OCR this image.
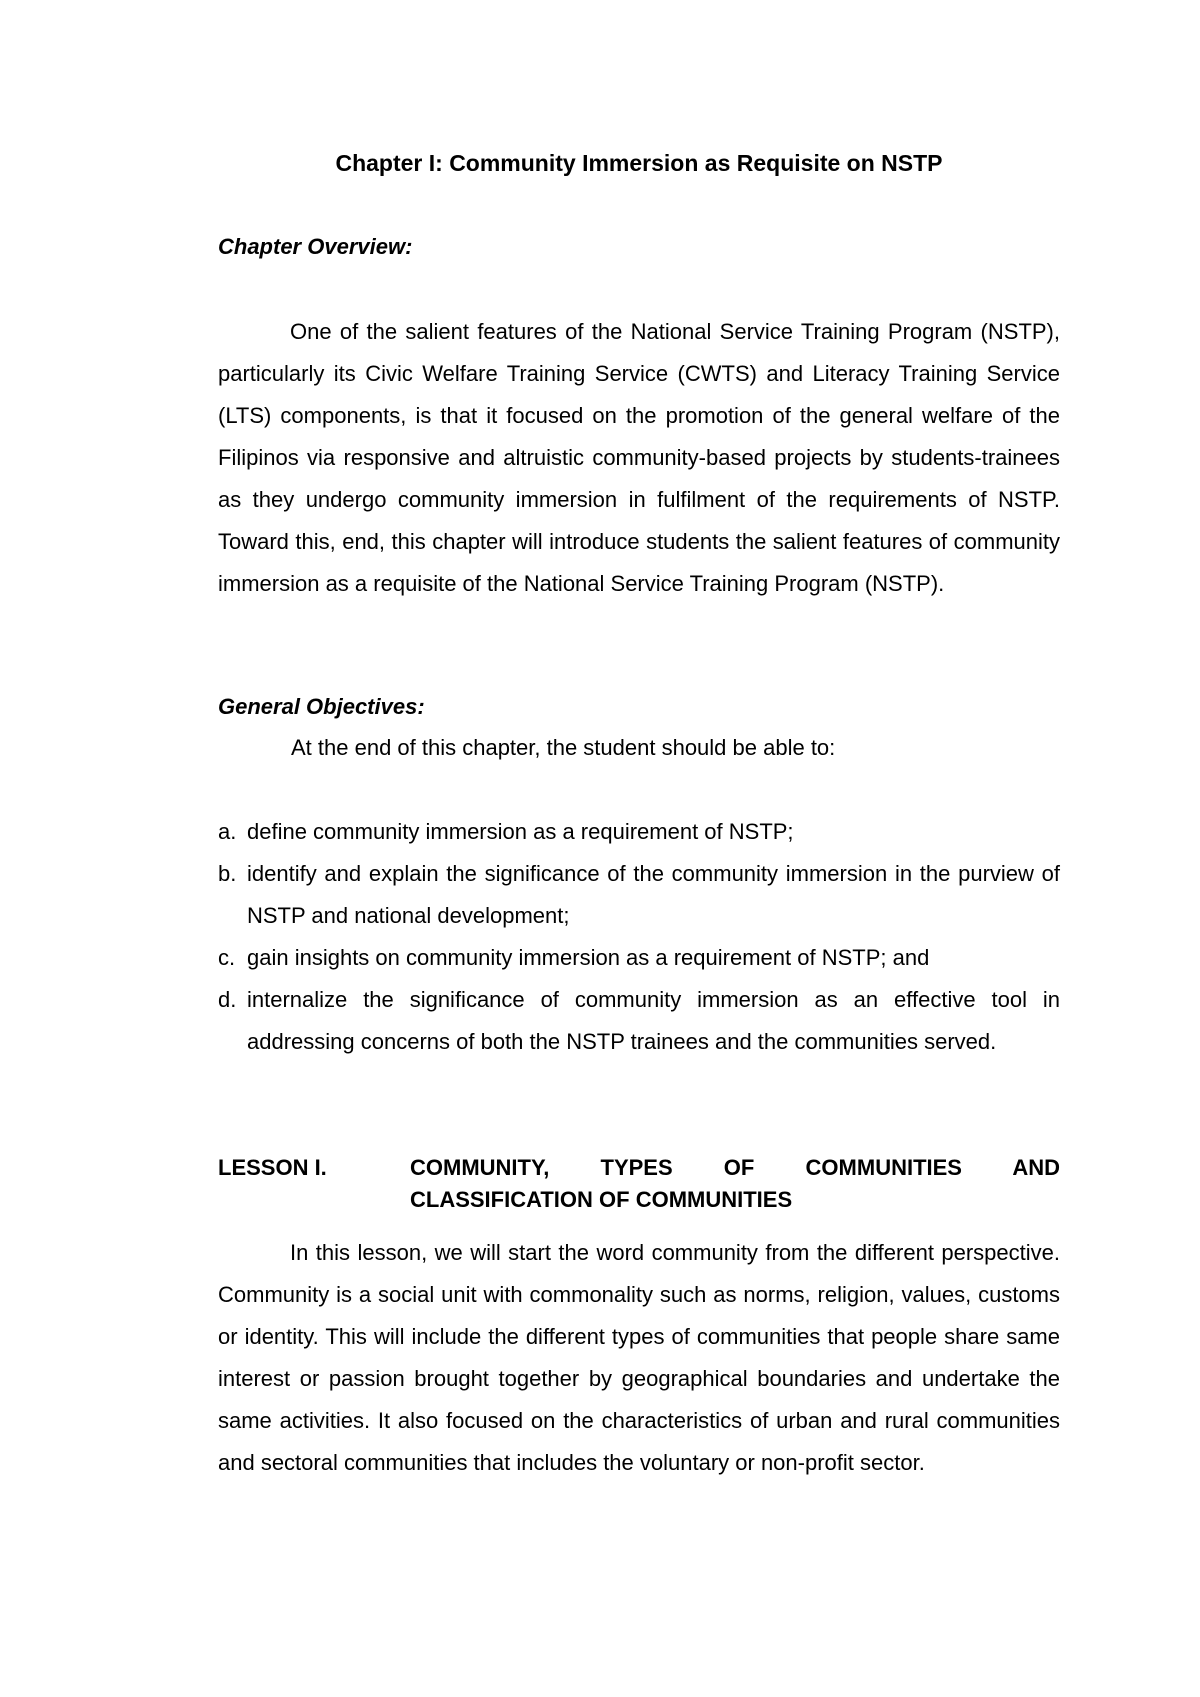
Chapter I: Community Immersion as Requisite on NSTP
Chapter Overview:

One of the salient features of the National Service Training Program (NSTP), particularly its Civic Welfare Training Service (CWTS) and Literacy Training Service (LTS) components, is that it focused on the promotion of the general welfare of the Filipinos via responsive and altruistic community-based projects by students-trainees as they undergo community immersion in fulfilment of the requirements of NSTP. Toward this, end, this chapter will introduce students the salient features of community immersion as a requisite of the National Service Training Program (NSTP).

General Objectives:

At the end of this chapter, the student should be able to:

a. define community immersion as a requirement of NSTP;
b. identify and explain the significance of the community immersion in the purview of NSTP and national development;
c. gain insights on community immersion as a requirement of NSTP; and
d. internalize the significance of community immersion as an effective tool in addressing concerns of both the NSTP trainees and the communities served.
LESSON I.	COMMUNITY, TYPES OF COMMUNITIES AND
CLASSIFICATION OF COMMUNITIES

In this lesson, we will start the word community from the different perspective. Community is a social unit with commonality such as norms, religion, values, customs or identity. This will include the different types of communities that people share same interest or passion brought together by geographical boundaries and undertake the same activities. It also focused on the characteristics of urban and rural communities and sectoral communities that includes the voluntary or non-profit sector.
